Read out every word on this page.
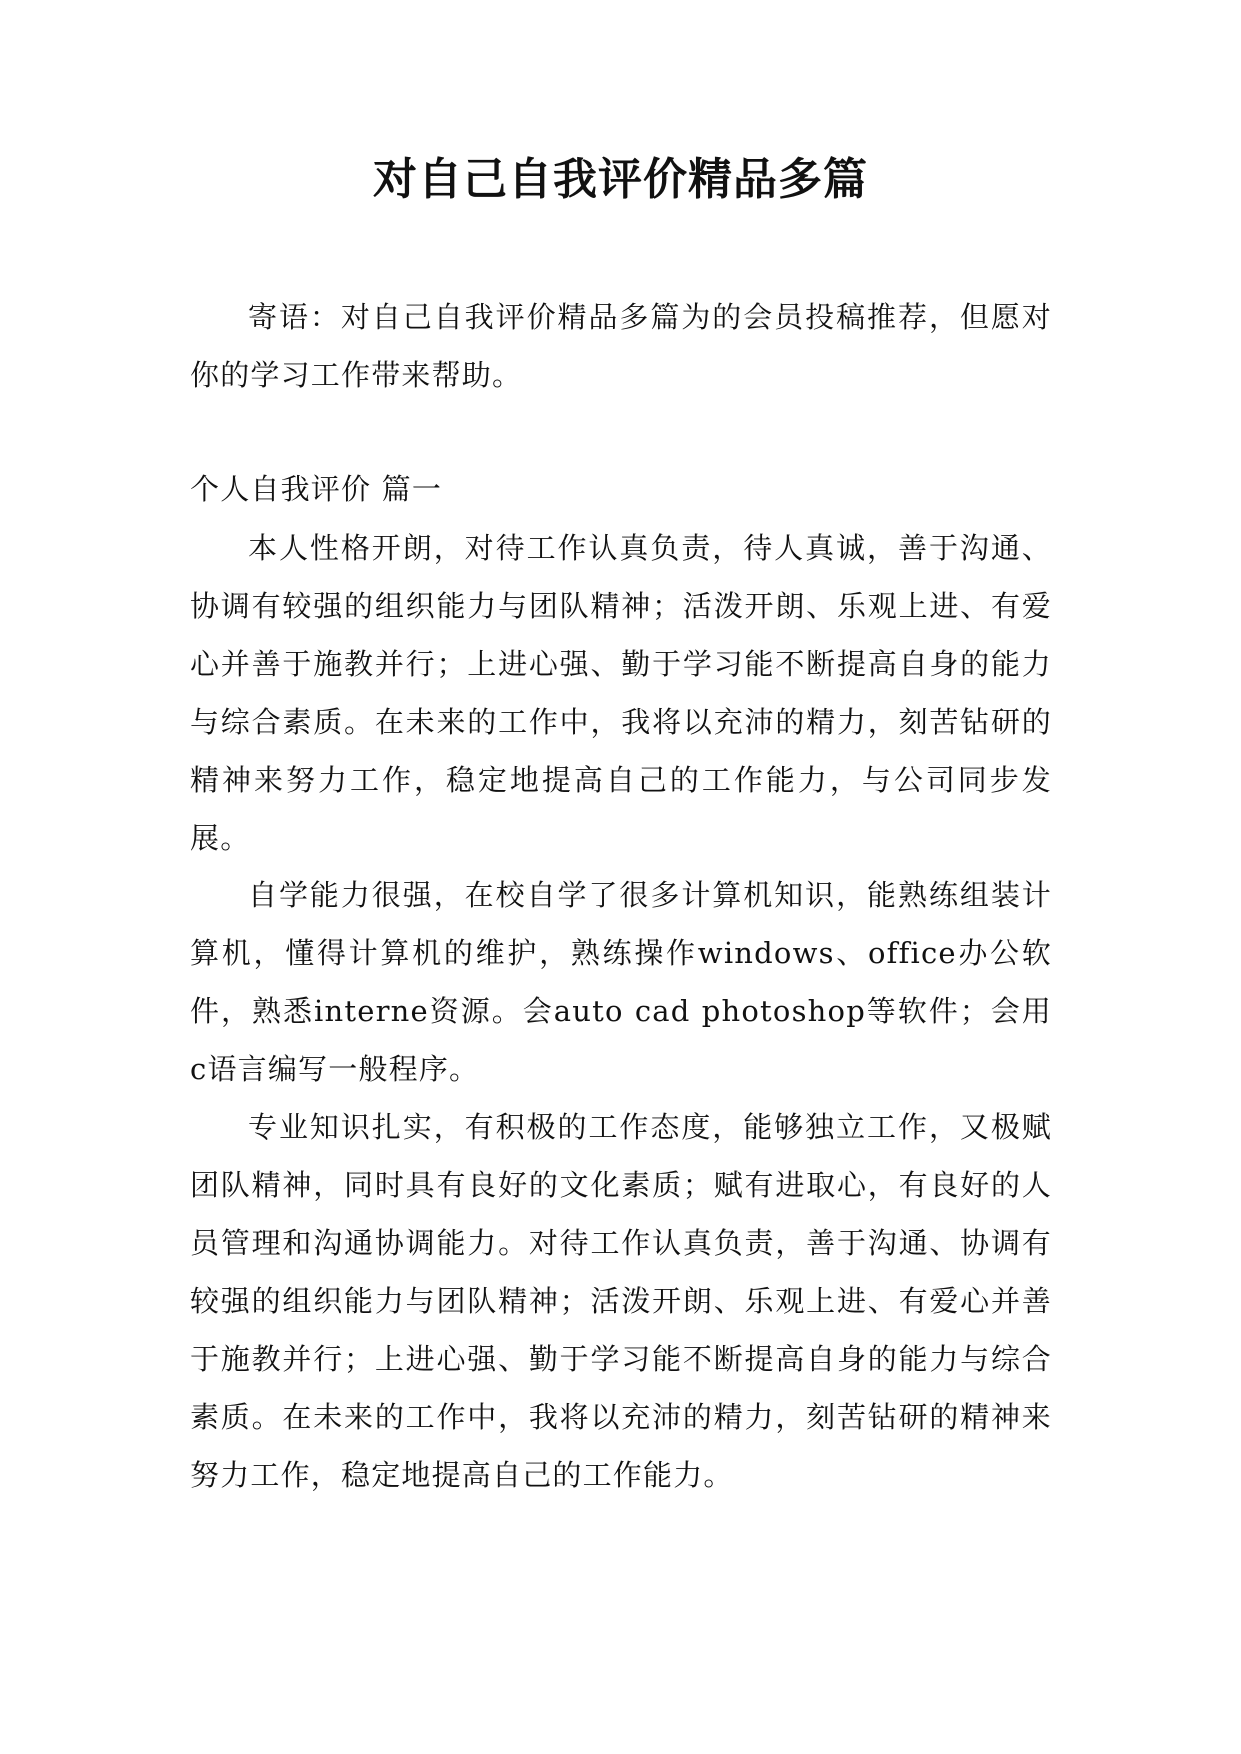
对自己自我评价精品多篇

寄语：对自己自我评价精品多篇为的会员投稿推荐，但愿对你的学习工作带来帮助。

个人自我评价 篇一

本人性格开朗，对待工作认真负责，待人真诚，善于沟通、协调有较强的组织能力与团队精神；活泼开朗、乐观上进、有爱心并善于施教并行；上进心强、勤于学习能不断提高自身的能力与综合素质。在未来的工作中，我将以充沛的精力，刻苦钻研的精神来努力工作，稳定地提高自己的工作能力，与公司同步发展。

自学能力很强，在校自学了很多计算机知识，能熟练组装计算机，懂得计算机的维护，熟练操作windows、office办公软件，熟悉interne资源。会auto cad photoshop等软件；会用c语言编写一般程序。

专业知识扎实，有积极的工作态度，能够独立工作，又极赋团队精神，同时具有良好的文化素质；赋有进取心，有良好的人员管理和沟通协调能力。对待工作认真负责，善于沟通、协调有较强的组织能力与团队精神；活泼开朗、乐观上进、有爱心并善于施教并行；上进心强、勤于学习能不断提高自身的能力与综合素质。在未来的工作中，我将以充沛的精力，刻苦钻研的精神来努力工作，稳定地提高自己的工作能力。
